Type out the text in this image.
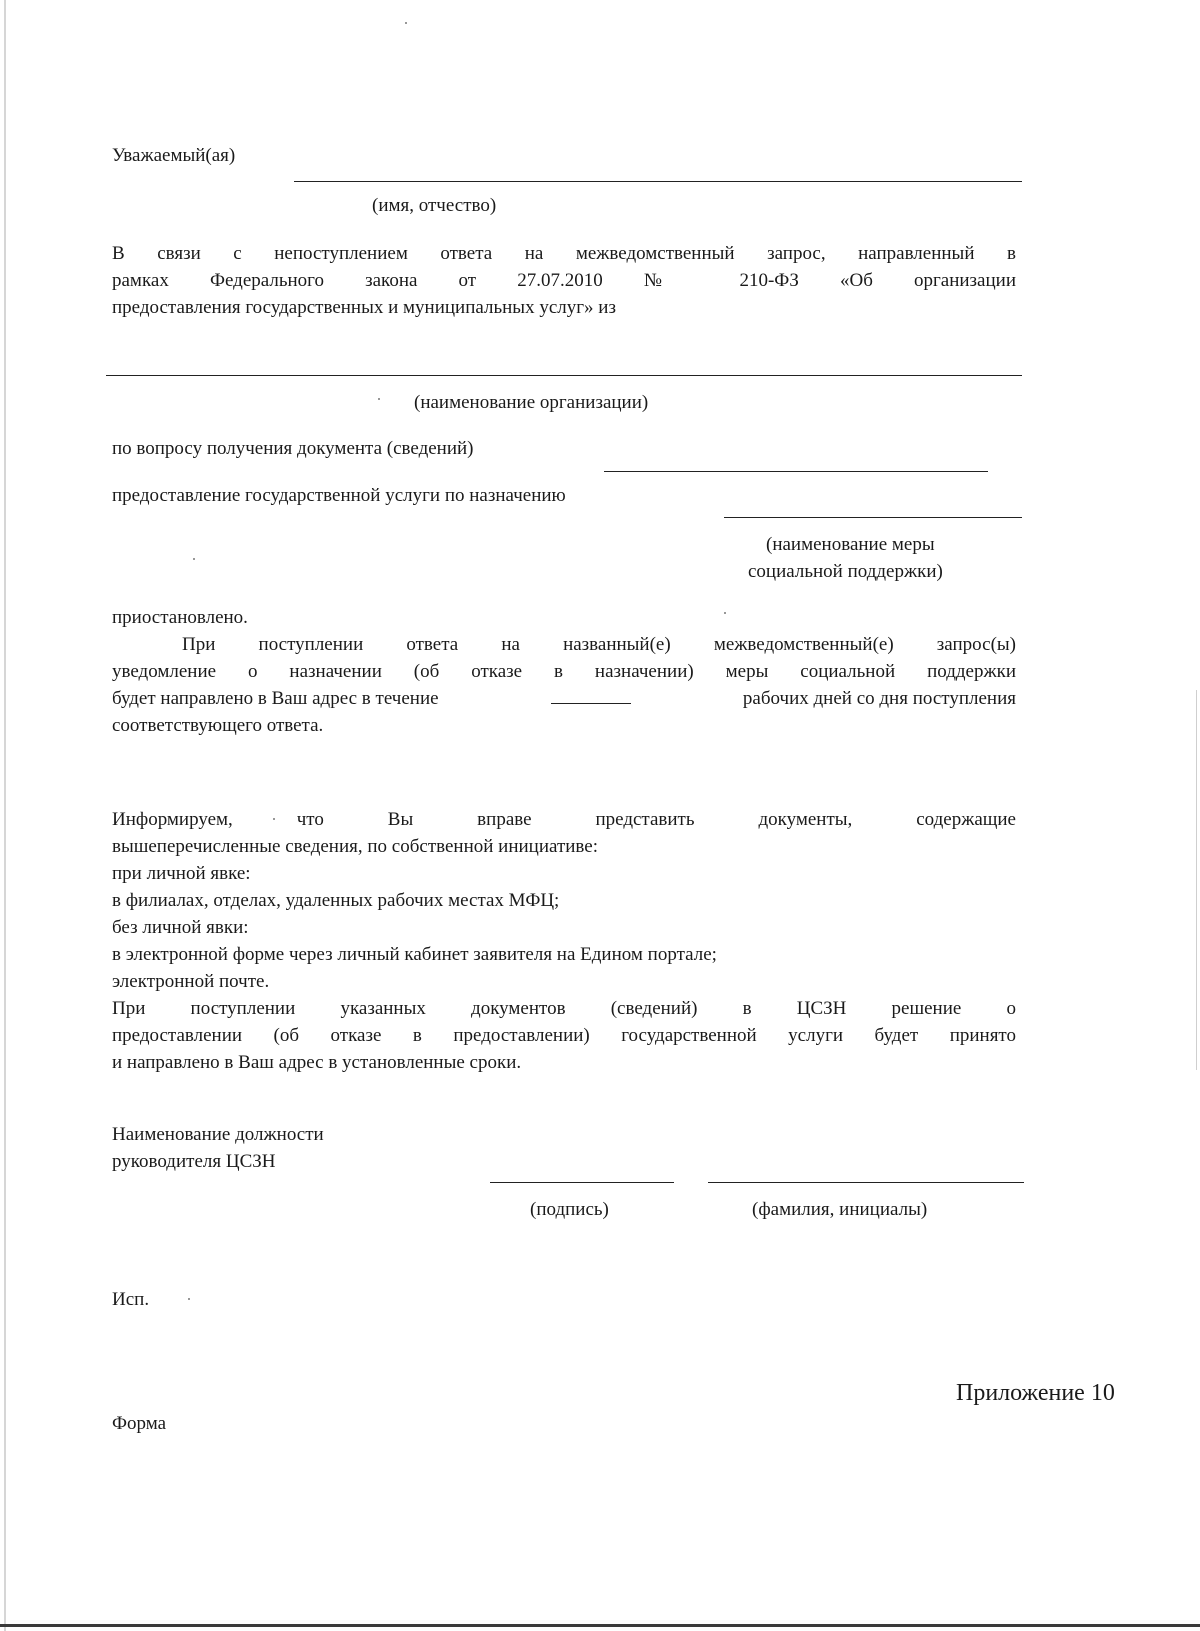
Уважаемый(ая)
(имя, отчество)
В связи с непоступлением ответа на межведомственный запрос, направленный в
рамках Федерального закона от 27.07.2010 № 210-ФЗ «Об организации
предоставления государственных и муниципальных услуг» из
(наименование организации)
по вопросу получения документа (сведений)
предоставление государственной услуги по назначению
(наименование меры
социальной поддержки)
приостановлено.
При поступлении ответа на названный(е) межведомственный(е) запрос(ы)
уведомление о назначении (об отказе в назначении) меры социальной поддержки
будет направлено в Ваш адрес в течение	рабочих дней со дня поступления
соответствующего ответа.
Информируем, что Вы вправе представить документы, содержащие
вышеперечисленные сведения, по собственной инициативе:
при личной явке:
в филиалах, отделах, удаленных рабочих местах МФЦ;
без личной явки:
в электронной форме через личный кабинет заявителя на Едином портале;
электронной почте.
При поступлении указанных документов (сведений) в ЦСЗН решение о
предоставлении (об отказе в предоставлении) государственной услуги будет принято
и направлено в Ваш адрес в установленные сроки.
Наименование должности
руководителя ЦСЗН
(подпись)	(фамилия, инициалы)
Исп.
Приложение 10
Форма
